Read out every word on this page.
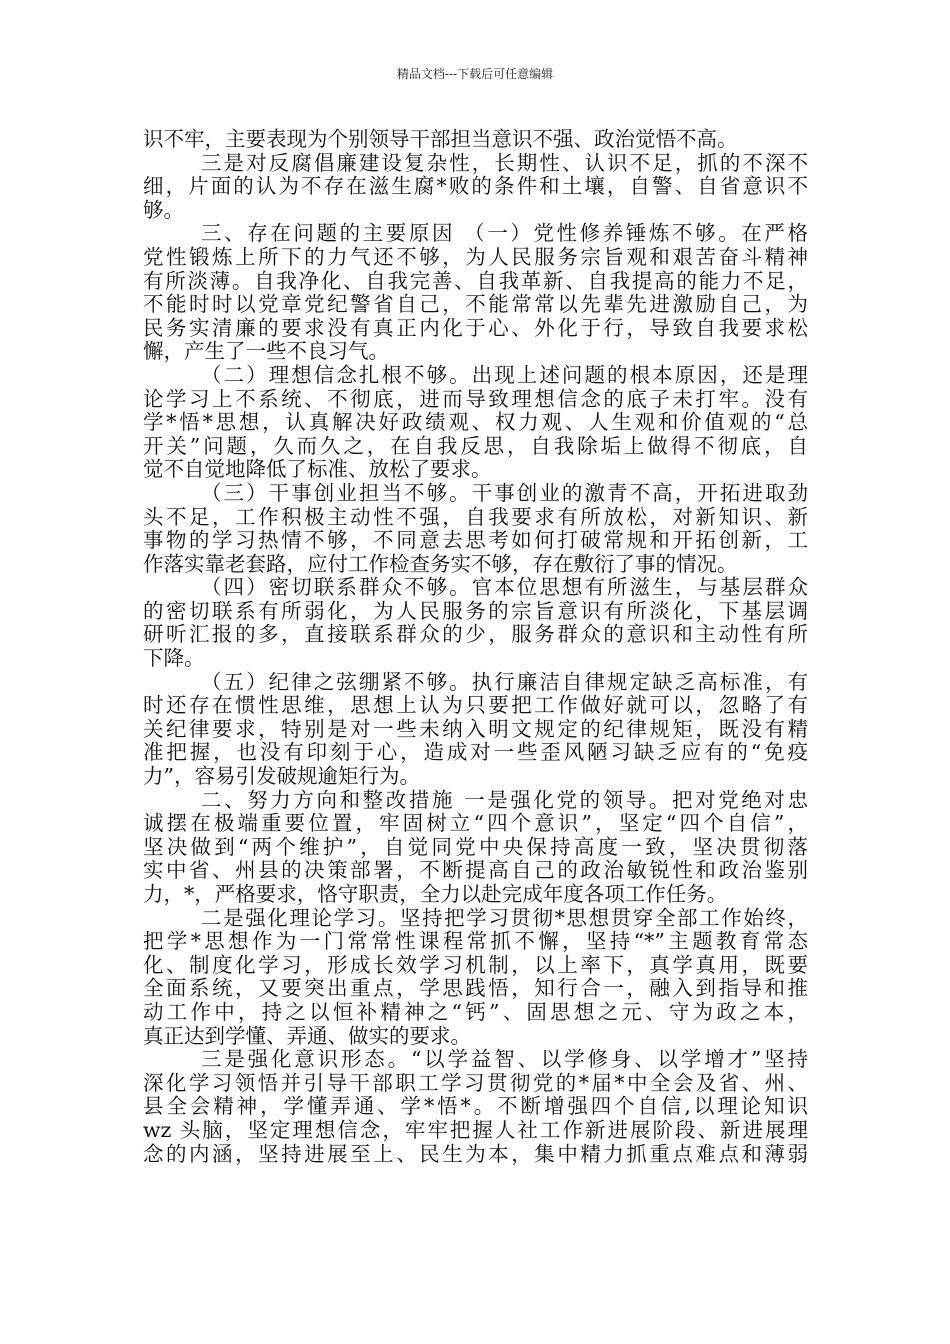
精品文档---下载后可任意编辑
识不牢，主要表现为个别领导干部担当意识不强、政治觉悟不高。
三是对反腐倡廉建设复杂性，长期性、认识不足，抓的不深不
细，片面的认为不存在滋生腐*败的条件和土壤，自警、自省意识不
够。
三、存在问题的主要原因 （一）党性修养锤炼不够。在严格
党性锻炼上所下的力气还不够，为人民服务宗旨观和艰苦奋斗精神
有所淡薄。自我净化、自我完善、自我革新、自我提高的能力不足，
不能时时以党章党纪警省自己，不能常常以先辈先进激励自己，为
民务实清廉的要求没有真正内化于心、外化于行，导致自我要求松
懈，产生了一些不良习气。
（二）理想信念扎根不够。出现上述问题的根本原因，还是理
论学习上不系统、不彻底，进而导致理想信念的底子未打牢。没有
学*悟*思想，认真解决好政绩观、权力观、人生观和价值观的“总
开关”问题，久而久之，在自我反思，自我除垢上做得不彻底，自
觉不自觉地降低了标准、放松了要求。
（三）干事创业担当不够。干事创业的激青不高，开拓进取劲
头不足，工作积极主动性不强，自我要求有所放松，对新知识、新
事物的学习热情不够，不同意去思考如何打破常规和开拓创新，工
作落实靠老套路，应付工作检查务实不够，存在敷衍了事的情况。
（四）密切联系群众不够。官本位思想有所滋生，与基层群众
的密切联系有所弱化，为人民服务的宗旨意识有所淡化，下基层调
研听汇报的多，直接联系群众的少，服务群众的意识和主动性有所
下降。
（五）纪律之弦绷紧不够。执行廉洁自律规定缺乏高标准，有
时还存在惯性思维，思想上认为只要把工作做好就可以，忽略了有
关纪律要求，特别是对一些未纳入明文规定的纪律规矩，既没有精
准把握，也没有印刻于心，造成对一些歪风陋习缺乏应有的“免疫
力”，容易引发破规逾矩行为。
二、努力方向和整改措施 一是强化党的领导。把对党绝对忠
诚摆在极端重要位置，牢固树立“四个意识”，坚定“四个自信”，
坚决做到“两个维护”，自觉同党中央保持高度一致，坚决贯彻落
实中省、州县的决策部署，不断提高自己的政治敏锐性和政治鉴别
力，*，严格要求，恪守职责，全力以赴完成年度各项工作任务。
二是强化理论学习。坚持把学习贯彻*思想贯穿全部工作始终，
把学*思想作为一门常常性课程常抓不懈，坚持“*”主题教育常态
化、制度化学习，形成长效学习机制，以上率下，真学真用，既要
全面系统，又要突出重点，学思践悟，知行合一，融入到指导和推
动工作中，持之以恒补精神之“钙”、固思想之元、守为政之本，
真正达到学懂、弄通、做实的要求。
三是强化意识形态。“以学益智、以学修身、以学增才”坚持
深化学习领悟并引导干部职工学习贯彻党的*届*中全会及省、州、
县全会精神，学懂弄通、学*悟*。不断增强四个自信,以理论知识
wz 头脑，坚定理想信念，牢牢把握人社工作新进展阶段、新进展理
念的内涵，坚持进展至上、民生为本，集中精力抓重点难点和薄弱
